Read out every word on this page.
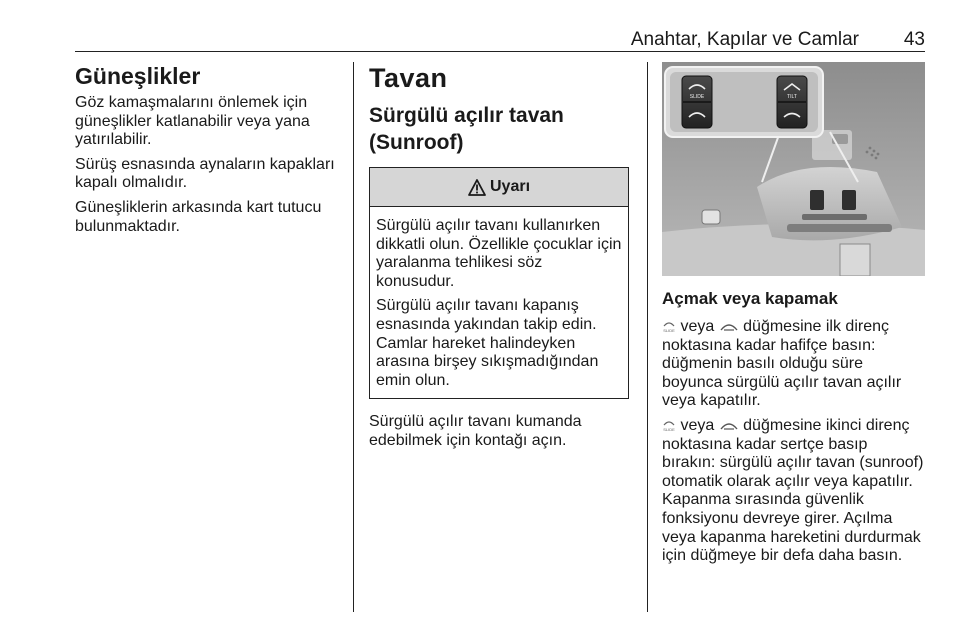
Anahtar, Kapılar ve Camlar 43
Güneşlikler

Göz kamaşmalarını önlemek için güneşlikler katlanabilir veya yana yatırılabilir.

Sürüş esnasında aynaların kapakları kapalı olmalıdır.

Güneşliklerin arkasında kart tutucu bulunmaktadır.

Tavan
Sürgülü açılır tavan (Sunroof)
Uyarı

Sürgülü açılır tavanı kullanırken dikkatli olun. Özellikle çocuklar için yaralanma tehlikesi söz konusudur.

Sürgülü açılır tavanı kapanış esnasında yakından takip edin. Camlar hareket halindeyken arasına birşey sıkışmadığından emin olun.

Sürgülü açılır tavanı kumanda edebilmek için kontağı açın.

SLIDE	TILT
Açmak veya kapamak

SLIDE veya düğmesine ilk direnç noktasına kadar hafifçe basın: düğmenin basılı olduğu süre boyunca sürgülü açılır tavan açılır veya kapatılır.

SLIDE veya düğmesine ikinci direnç noktasına kadar sertçe basıp bırakın: sürgülü açılır tavan (sunroof) otomatik olarak açılır veya kapatılır. Kapanma sırasında güvenlik fonksiyonu devreye girer. Açılma veya kapanma hareketini durdurmak için düğmeye bir defa daha basın.
